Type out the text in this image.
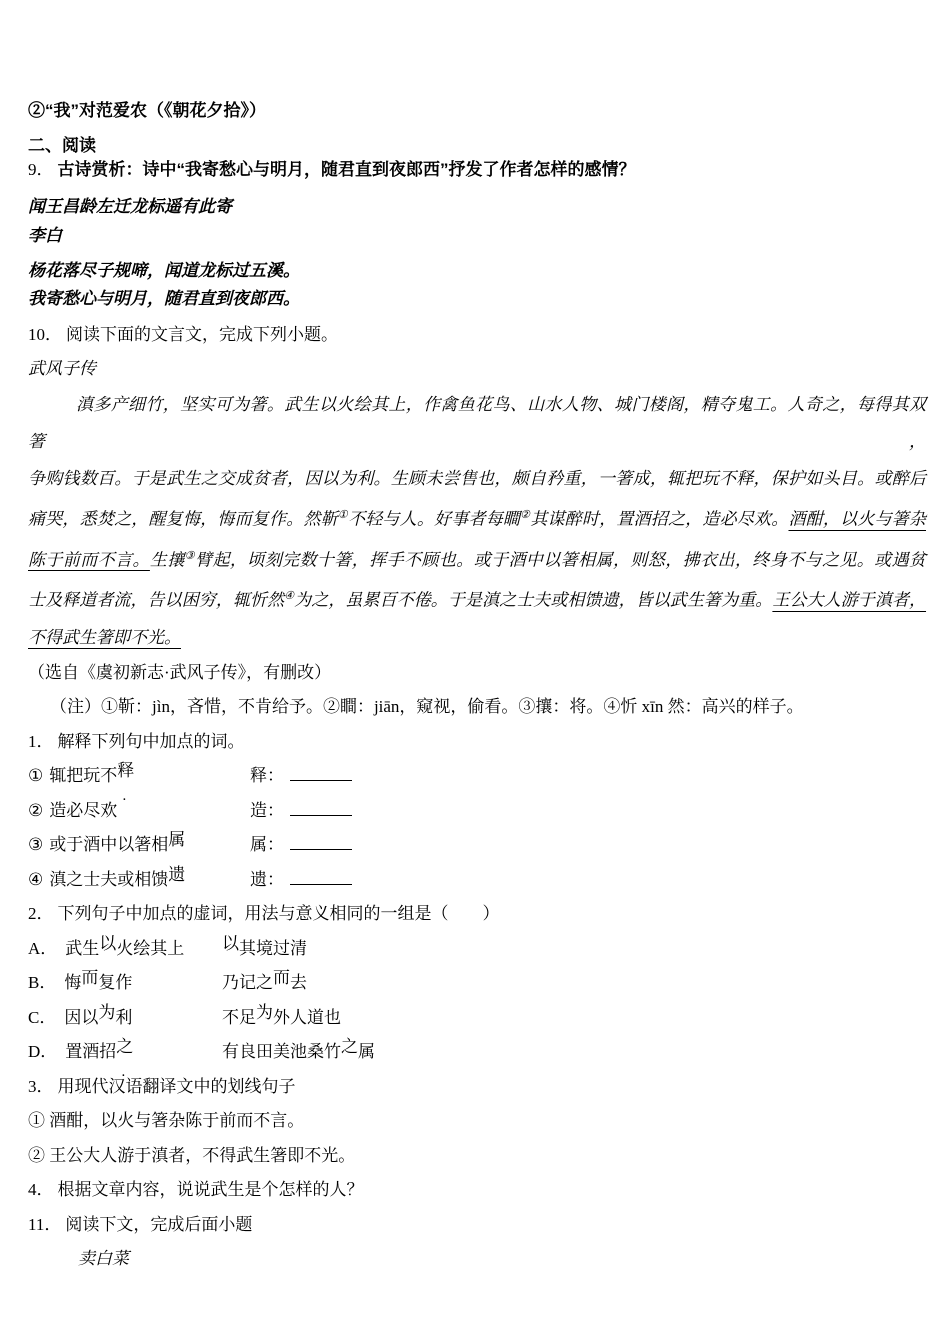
②“我”对范爱农（《朝花夕拾》）
二、阅读
9． 古诗赏析：诗中“我寄愁心与明月，随君直到夜郎西”抒发了作者怎样的感情？
闻王昌龄左迁龙标遥有此寄
李白
杨花落尽子规啼，闻道龙标过五溪。
我寄愁心与明月，随君直到夜郎西。
10． 阅读下面的文言文，完成下列小题。
武风子传
滇多产细竹，坚实可为箸。武生以火绘其上，作禽鱼花鸟、山水人物、城门楼阁，精夺鬼工。人奇之，每得其双箸，
争购钱数百。于是武生之交成贫者，因以为利。生顾未尝售也，颇自矜重，一箸成，辄把玩不释，保护如头目。或醉后
痛哭，悉焚之，醒复悔，悔而复作。然靳①不轻与人。好事者每瞷②其谋醉时，置酒招之，造必尽欢。酒酣，以火与箸杂
陈于前而不言。生攘③臂起，顷刻完数十箸，挥手不顾也。或于酒中以箸相属，则怒，拂衣出，终身不与之见。或遇贫
士及释道者流，告以困穷，辄忻然④为之，虽累百不倦。于是滇之士夫或相馈遗，皆以武生箸为重。王公大人游于滇者，
不得武生箸即不光。
（选自《虞初新志·武风子传》，有删改）
（注）①靳：jìn，吝惜，不肯给予。②瞷：jiān，窥视，偷看。③攘：将。④忻 xīn 然：高兴的样子。
1． 解释下列句中加点的词。
① 辄把玩不释	释：
② 造必尽欢	造：
③ 或于酒中以箸相属	属：
④ 滇之士夫或相馈遗	遗：
2． 下列句子中加点的虚词，用法与意义相同的一组是（　　）
A． 武生以火绘其上 以其境过清
B． 悔而复作	乃记之而去
C． 因以为利	不足为外人道也
D． 置酒招之	有良田美池桑竹之属
3． 用现代汉语翻译文中的划线句子
① 酒酣，以火与箸杂陈于前而不言。
② 王公大人游于滇者，不得武生箸即不光。
4． 根据文章内容，说说武生是个怎样的人？
11． 阅读下文，完成后面小题
卖白菜
